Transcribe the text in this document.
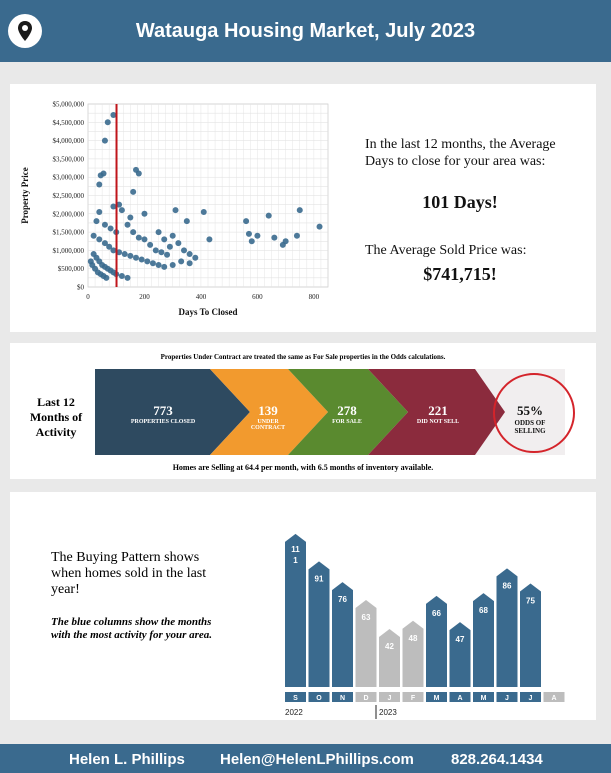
Watauga Housing Market, July 2023
$5,000,000
$4,500,000
$4,000,000
$3,500,000
$3,000,000
$2,500,000
$2,000,000
$1,500,000
$1,000,000
$500,000
$0
0	200	400	600	800
Days To Closed
Property Price
In the last 12 months, the Average Days to close for your area was:
101 Days!
The Average Sold Price was:
$741,715!
Properties Under Contract are treated the same as For Sale properties in the Odds calculations.
Last 12 Months of Activity
773
PROPERTIES CLOSED
139
UNDER CONTRACT
278
FOR SALE
221
DID NOT SELL
55%
ODDS OF SELLING
Homes are Selling at 64.4 per month, with 6.5 months of inventory available.
The Buying Pattern shows when homes sold in the last year!
The blue columns show the months with the most activity for your area.
11
1
S
91
O
76
N
63
D
42
J
48
F
66
M
47
A
68
M
86
J
75
J	A
2022	2023
Helen L. Phillips Helen@HelenLPhillips.com 828.264.1434
